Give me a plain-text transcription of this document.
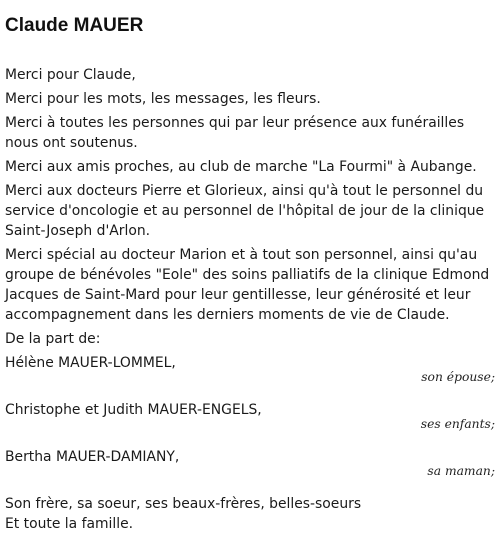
Claude MAUER

Merci pour Claude,

Merci pour les mots, les messages, les fleurs.

Merci à toutes les personnes qui par leur présence aux funérailles nous ont soutenus.

Merci aux amis proches, au club de marche "La Fourmi" à Aubange.

Merci aux docteurs Pierre et Glorieux, ainsi qu'à tout le personnel du service d'oncologie et au personnel de l'hôpital de jour de la clinique Saint-Joseph d'Arlon.

Merci spécial au docteur Marion et à tout son personnel, ainsi qu'au groupe de bénévoles "Eole" des soins palliatifs de la clinique Edmond Jacques de Saint-Mard pour leur gentillesse, leur générosité et leur accompagnement dans les derniers moments de vie de Claude.

De la part de:

Hélène MAUER-LOMMEL,
son épouse;
Christophe et Judith MAUER-ENGELS,
ses enfants;
Bertha MAUER-DAMIANY,
sa maman;

Son frère, sa soeur, ses beaux-frères, belles-soeurs

Et toute la famille.
